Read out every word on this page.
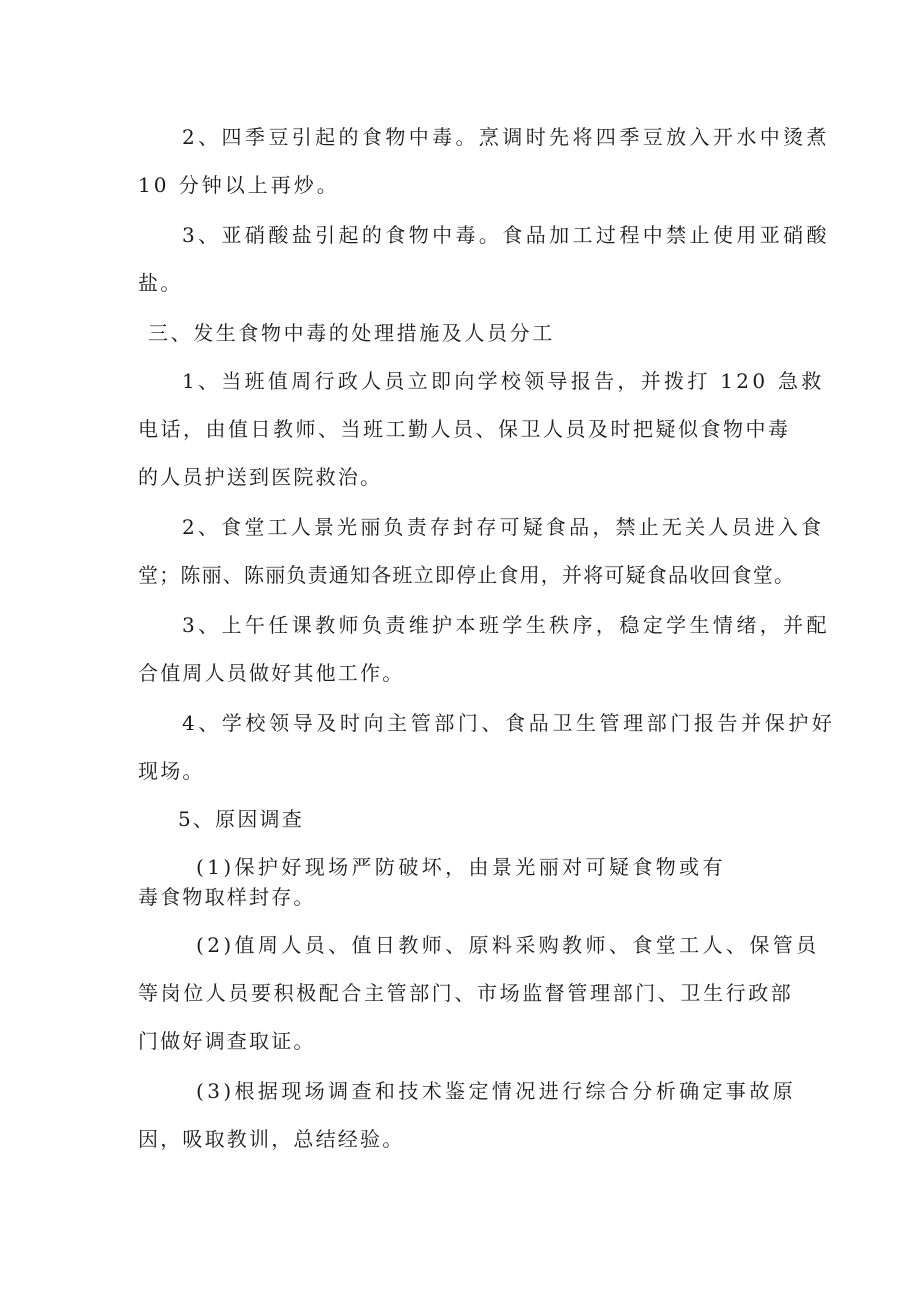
2、四季豆引起的食物中毒。烹调时先将四季豆放入开水中烫煮
10 分钟以上再炒。
3、亚硝酸盐引起的食物中毒。食品加工过程中禁止使用亚硝酸
盐。
三、发生食物中毒的处理措施及人员分工
1、当班值周行政人员立即向学校领导报告，并拨打 120 急救
电话，由值日教师、当班工勤人员、保卫人员及时把疑似食物中毒
的人员护送到医院救治。
2、食堂工人景光丽负责存封存可疑食品，禁止无关人员进入食
堂；陈丽、陈丽负责通知各班立即停止食用，并将可疑食品收回食堂。
3、上午任课教师负责维护本班学生秩序，稳定学生情绪，并配
合值周人员做好其他工作。
4、学校领导及时向主管部门、食品卫生管理部门报告并保护好
现场。
5、原因调查
(1)保护好现场严防破坏，由景光丽对可疑食物或有
毒食物取样封存。
(2)值周人员、值日教师、原料采购教师、食堂工人、保管员
等岗位人员要积极配合主管部门、市场监督管理部门、卫生行政部
门做好调查取证。
(3)根据现场调查和技术鉴定情况进行综合分析确定事故原
因，吸取教训，总结经验。
